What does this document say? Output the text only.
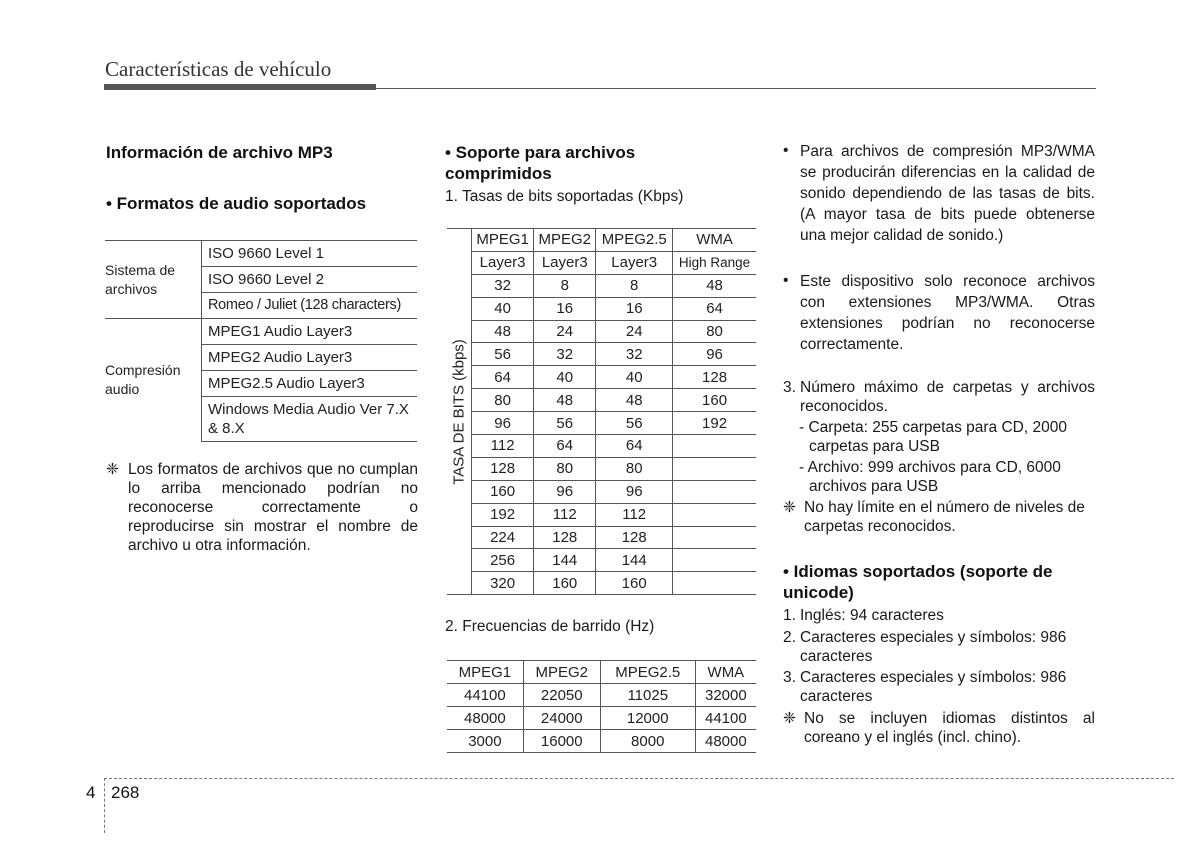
Características de vehículo
Información de archivo MP3
• Formatos de audio soportados
Sistema de archivos	ISO 9660 Level 1
	ISO 9660 Level 2
	Romeo / Juliet (128 characters)
Compresión audio	MPEG1 Audio Layer3
	MPEG2 Audio Layer3
	MPEG2.5 Audio Layer3
	Windows Media Audio Ver 7.X & 8.X
❈ Los formatos de archivos que no cumplan lo arriba mencionado podrían no reconocerse correctamente o reproducirse sin mostrar el nombre de archivo u otra información.
• Soporte para archivos comprimidos
1. Tasas de bits soportadas (Kbps)
TASA DE BITS (kbps)	MPEG1	MPEG2	MPEG2.5	WMA
	Layer3	Layer3	Layer3	High Range
	32	8	8	48
	40	16	16	64
	48	24	24	80
	56	32	32	96
	64	40	40	128
	80	48	48	160
	96	56	56	192
	112	64	64	
	128	80	80	
	160	96	96	
	192	112	112	
	224	128	128	
	256	144	144	
	320	160	160	
2. Frecuencias de barrido (Hz)
MPEG1	MPEG2	MPEG2.5	WMA
44100	22050	11025	32000
48000	24000	12000	44100
3000	16000	8000	48000
• Para archivos de compresión MP3/WMA se producirán diferencias en la calidad de sonido dependiendo de las tasas de bits. (A mayor tasa de bits puede obtenerse una mejor calidad de sonido.)
• Este dispositivo solo reconoce archivos con extensiones MP3/WMA. Otras extensiones podrían no reconocerse correctamente.
3. Número máximo de carpetas y archivos reconocidos.
- Carpeta: 255 carpetas para CD, 2000 carpetas para USB
- Archivo: 999 archivos para CD, 6000 archivos para USB
❈ No hay límite en el número de niveles de carpetas reconocidos.
• Idiomas soportados (soporte de unicode)
1. Inglés: 94 caracteres
2. Caracteres especiales y símbolos: 986 caracteres
3. Caracteres especiales y símbolos: 986 caracteres
❈ No se incluyen idiomas distintos al coreano y el inglés (incl. chino).
4 268
